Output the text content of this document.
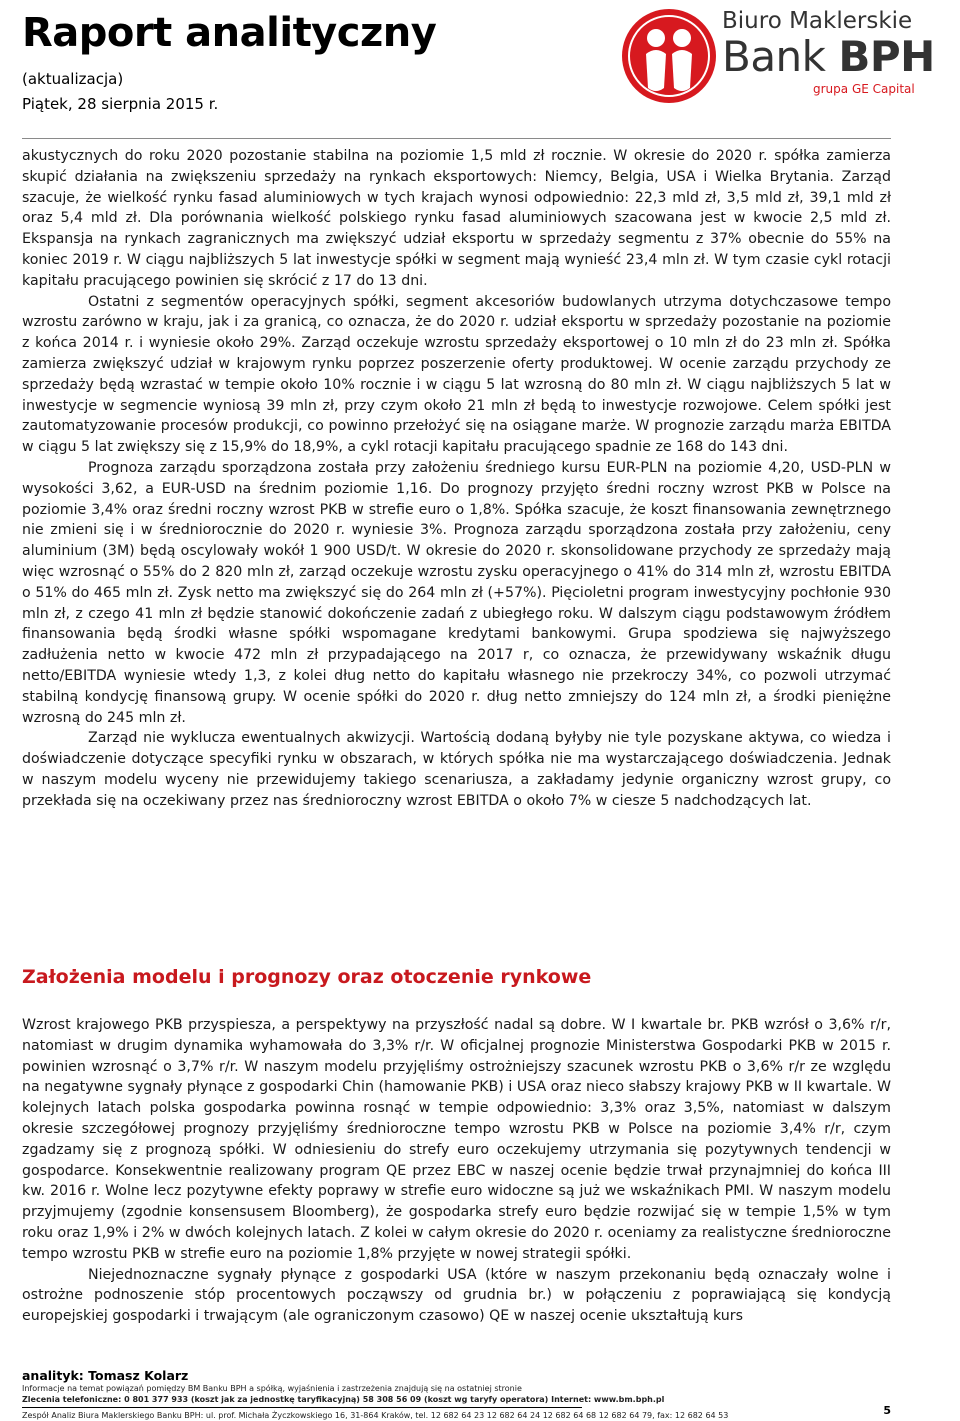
Raport analityczny
(aktualizacja)
Piątek, 28 sierpnia 2015 r.
Biuro Maklerskie
Bank BPH
grupa GE Capital

akustycznych do roku 2020 pozostanie stabilna na poziomie 1,5 mld zł rocznie. W okresie do 2020 r. spółka zamierza skupić działania na zwiększeniu sprzedaży na rynkach eksportowych: Niemcy, Belgia, USA i Wielka Brytania. Zarząd szacuje, że wielkość rynku fasad aluminiowych w tych krajach wynosi odpowiednio: 22,3 mld zł, 3,5 mld zł, 39,1 mld zł oraz 5,4 mld zł. Dla porównania wielkość polskiego rynku fasad aluminiowych szacowana jest w kwocie 2,5 mld zł. Ekspansja na rynkach zagranicznych ma zwiększyć udział eksportu w sprzedaży segmentu z 37% obecnie do 55% na koniec 2019 r. W ciągu najbliższych 5 lat inwestycje spółki w segment mają wynieść 23,4 mln zł. W tym czasie cykl rotacji kapitału pracującego powinien się skrócić z 17 do 13 dni.

Ostatni z segmentów operacyjnych spółki, segment akcesoriów budowlanych utrzyma dotychczasowe tempo wzrostu zarówno w kraju, jak i za granicą, co oznacza, że do 2020 r. udział eksportu w sprzedaży pozostanie na poziomie z końca 2014 r. i wyniesie około 29%. Zarząd oczekuje wzrostu sprzedaży eksportowej o 10 mln zł do 23 mln zł. Spółka zamierza zwiększyć udział w krajowym rynku poprzez poszerzenie oferty produktowej. W ocenie zarządu przychody ze sprzedaży będą wzrastać w tempie około 10% rocznie i w ciągu 5 lat wzrosną do 80 mln zł. W ciągu najbliższych 5 lat w inwestycje w segmencie wyniosą 39 mln zł, przy czym około 21 mln zł będą to inwestycje rozwojowe. Celem spółki jest zautomatyzowanie procesów produkcji, co powinno przełożyć się na osiągane marże. W prognozie zarządu marża EBITDA w ciągu 5 lat zwiększy się z 15,9% do 18,9%, a cykl rotacji kapitału pracującego spadnie ze 168 do 143 dni.

Prognoza zarządu sporządzona została przy założeniu średniego kursu EUR-PLN na poziomie 4,20, USD-PLN w wysokości 3,62, a EUR-USD na średnim poziomie 1,16. Do prognozy przyjęto średni roczny wzrost PKB w Polsce na poziomie 3,4% oraz średni roczny wzrost PKB w strefie euro o 1,8%. Spółka szacuje, że koszt finansowania zewnętrznego nie zmieni się i w średniorocznie do 2020 r. wyniesie 3%. Prognoza zarządu sporządzona została przy założeniu, ceny aluminium (3M) będą oscylowały wokół 1 900 USD/t. W okresie do 2020 r. skonsolidowane przychody ze sprzedaży mają więc wzrosnąć o 55% do 2 820 mln zł, zarząd oczekuje wzrostu zysku operacyjnego o 41% do 314 mln zł, wzrostu EBITDA o 51% do 465 mln zł. Zysk netto ma zwiększyć się do 264 mln zł (+57%). Pięcioletni program inwestycyjny pochłonie 930 mln zł, z czego 41 mln zł będzie stanowić dokończenie zadań z ubiegłego roku. W dalszym ciągu podstawowym źródłem finansowania będą środki własne spółki wspomagane kredytami bankowymi. Grupa spodziewa się najwyższego zadłużenia netto w kwocie 472 mln zł przypadającego na 2017 r, co oznacza, że przewidywany wskaźnik długu netto/EBITDA wyniesie wtedy 1,3, z kolei dług netto do kapitału własnego nie przekroczy 34%, co pozwoli utrzymać stabilną kondycję finansową grupy. W ocenie spółki do 2020 r. dług netto zmniejszy do 124 mln zł, a środki pieniężne wzrosną do 245 mln zł.

Zarząd nie wyklucza ewentualnych akwizycji. Wartością dodaną byłyby nie tyle pozyskane aktywa, co wiedza i doświadczenie dotyczące specyfiki rynku w obszarach, w których spółka nie ma wystarczającego doświadczenia. Jednak w naszym modelu wyceny nie przewidujemy takiego scenariusza, a zakładamy jedynie organiczny wzrost grupy, co przekłada się na oczekiwany przez nas średnioroczny wzrost EBITDA o około 7% w ciesze 5 nadchodzących lat.

Założenia modelu i prognozy oraz otoczenie rynkowe

Wzrost krajowego PKB przyspiesza, a perspektywy na przyszłość nadal są dobre. W I kwartale br. PKB wzrósł o 3,6% r/r, natomiast w drugim dynamika wyhamowała do 3,3% r/r. W oficjalnej prognozie Ministerstwa Gospodarki PKB w 2015 r. powinien wzrosnąć o 3,7% r/r. W naszym modelu przyjęliśmy ostrożniejszy szacunek wzrostu PKB o 3,6% r/r ze względu na negatywne sygnały płynące z gospodarki Chin (hamowanie PKB) i USA oraz nieco słabszy krajowy PKB w II kwartale. W kolejnych latach polska gospodarka powinna rosnąć w tempie odpowiednio: 3,3% oraz 3,5%, natomiast w dalszym okresie szczegółowej prognozy przyjęliśmy średnioroczne tempo wzrostu PKB w Polsce na poziomie 3,4% r/r, czym zgadzamy się z prognozą spółki. W odniesieniu do strefy euro oczekujemy utrzymania się pozytywnych tendencji w gospodarce. Konsekwentnie realizowany program QE przez EBC w naszej ocenie będzie trwał przynajmniej do końca III kw. 2016 r. Wolne lecz pozytywne efekty poprawy w strefie euro widoczne są już we wskaźnikach PMI. W naszym modelu przyjmujemy (zgodnie konsensusem Bloomberg), że gospodarka strefy euro będzie rozwijać się w tempie 1,5% w tym roku oraz 1,9% i 2% w dwóch kolejnych latach. Z kolei w całym okresie do 2020 r. oceniamy za realistyczne średnioroczne tempo wzrostu PKB w strefie euro na poziomie 1,8% przyjęte w nowej strategii spółki.

Niejednoznaczne sygnały płynące z gospodarki USA (które w naszym przekonaniu będą oznaczały wolne i ostrożne podnoszenie stóp procentowych począwszy od grudnia br.) w połączeniu z poprawiającą się kondycją europejskiej gospodarki i trwającym (ale ograniczonym czasowo) QE w naszej ocenie ukształtują kurs

analityk: Tomasz Kolarz
Informacje na temat powiązań pomiędzy BM Banku BPH a spółką, wyjaśnienia i zastrzeżenia znajdują się na ostatniej stronie
Zlecenia telefoniczne: 0 801 377 933 (koszt jak za jednostkę taryfikacyjną) 58 308 56 09 (koszt wg taryfy operatora) Internet: www.bm.bph.pl
Zespół Analiz Biura Maklerskiego Banku BPH: ul. prof. Michała Życzkowskiego 16, 31-864 Kraków, tel. 12 682 64 23 12 682 64 24 12 682 64 68 12 682 64 79, fax: 12 682 64 53	5
